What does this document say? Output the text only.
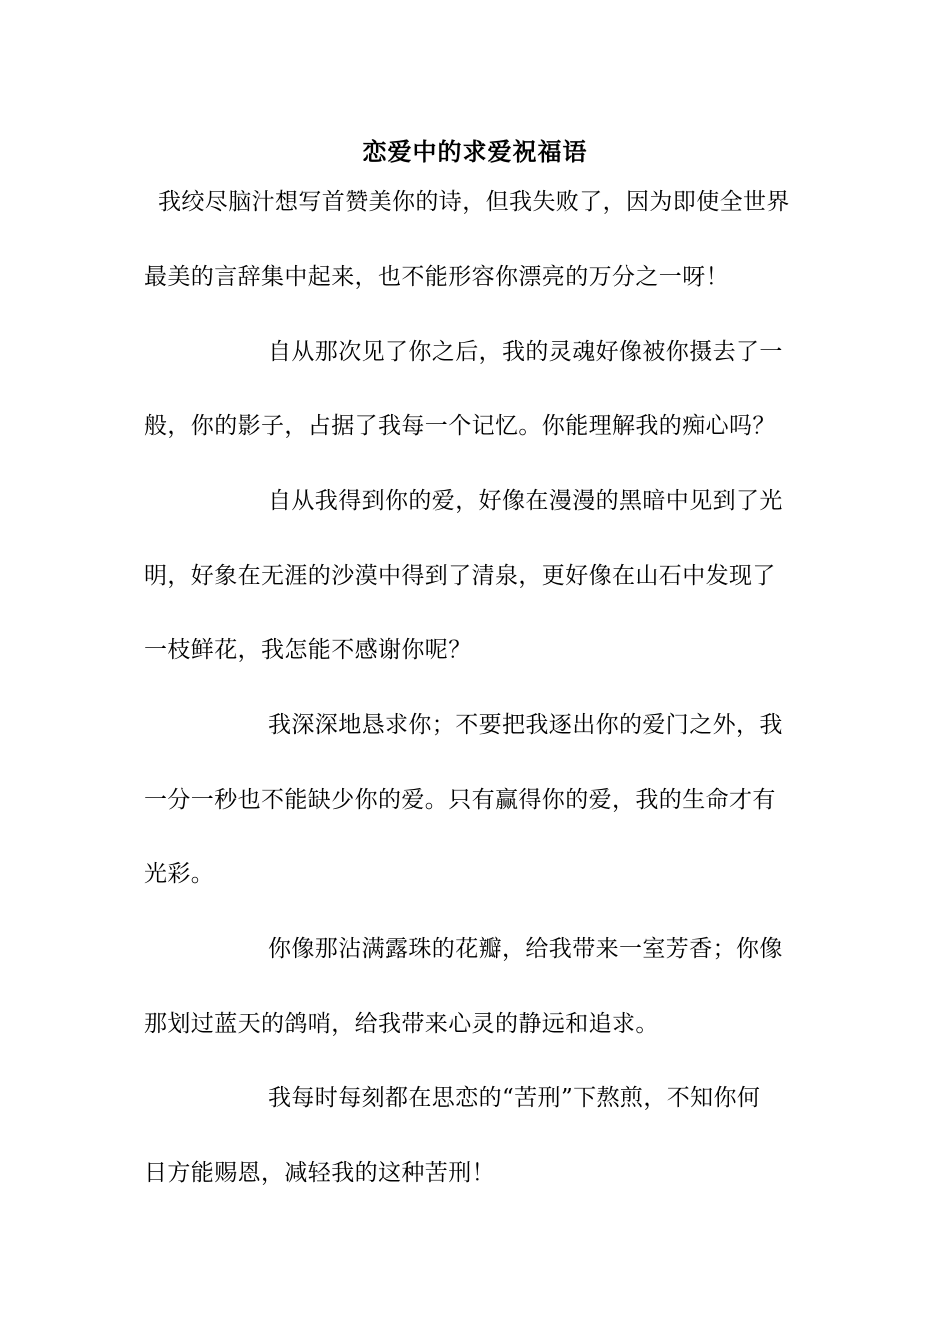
恋爱中的求爱祝福语
我绞尽脑汁想写首赞美你的诗，但我失败了，因为即使全世界
最美的言辞集中起来，也不能形容你漂亮的万分之一呀！
自从那次见了你之后，我的灵魂好像被你摄去了一
般，你的影子，占据了我每一个记忆。你能理解我的痴心吗？
自从我得到你的爱，好像在漫漫的黑暗中见到了光
明，好象在无涯的沙漠中得到了清泉，更好像在山石中发现了
一枝鲜花，我怎能不感谢你呢？
我深深地恳求你；不要把我逐出你的爱门之外，我
一分一秒也不能缺少你的爱。只有赢得你的爱，我的生命才有
光彩。
你像那沾满露珠的花瓣，给我带来一室芳香；你像
那划过蓝天的鸽哨，给我带来心灵的静远和追求。
我每时每刻都在思恋的“苦刑”下熬煎，不知你何
日方能赐恩，减轻我的这种苦刑！
